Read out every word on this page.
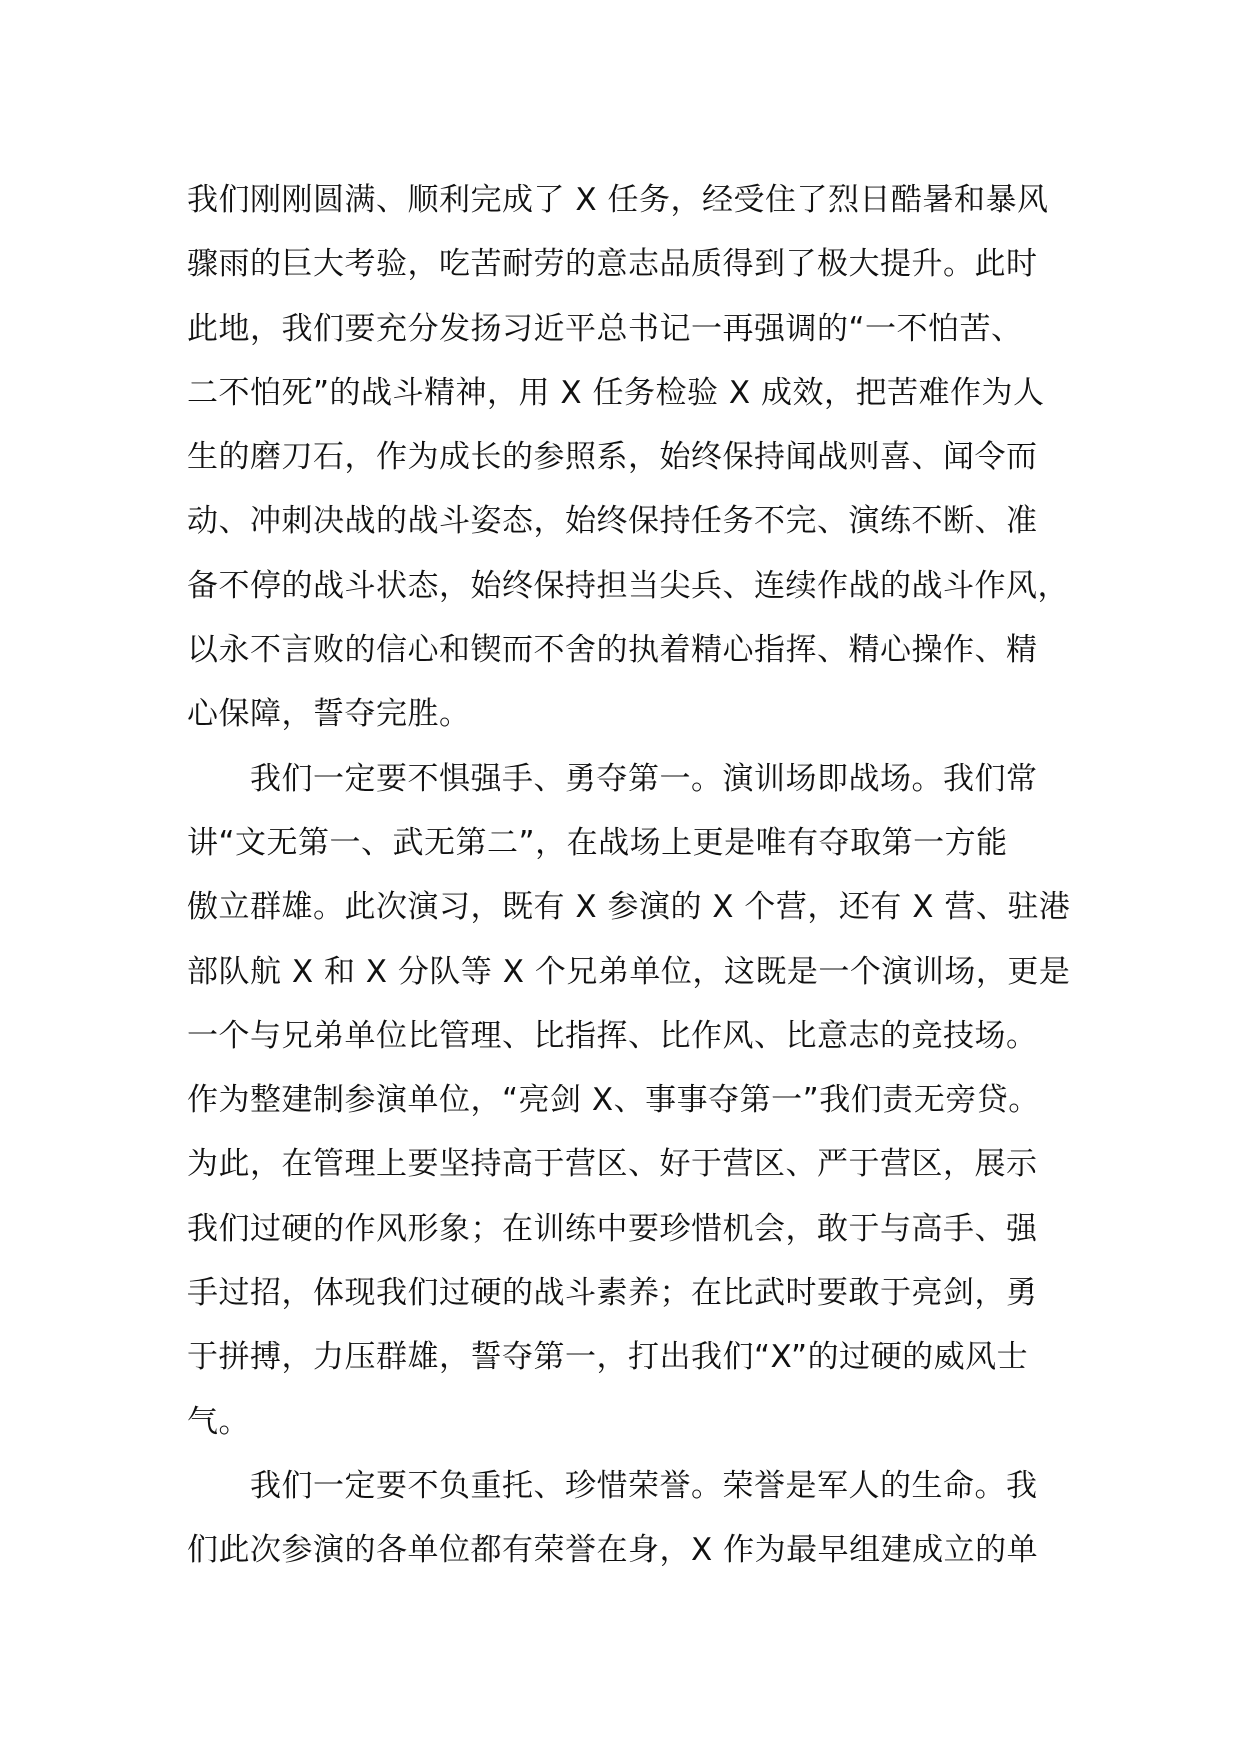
我们刚刚圆满、顺利完成了 X 任务，经受住了烈日酷暑和暴风
骤雨的巨大考验，吃苦耐劳的意志品质得到了极大提升。此时
此地，我们要充分发扬习近平总书记一再强调的“一不怕苦、
二不怕死”的战斗精神，用 X 任务检验 X 成效，把苦难作为人
生的磨刀石，作为成长的参照系，始终保持闻战则喜、闻令而
动、冲刺决战的战斗姿态，始终保持任务不完、演练不断、准
备不停的战斗状态，始终保持担当尖兵、连续作战的战斗作风，
以永不言败的信心和锲而不舍的执着精心指挥、精心操作、精
心保障，誓夺完胜。
　　我们一定要不惧强手、勇夺第一。演训场即战场。我们常
讲“文无第一、武无第二”，在战场上更是唯有夺取第一方能
傲立群雄。此次演习，既有 X 参演的 X 个营，还有 X 营、驻港
部队航 X 和 X 分队等 X 个兄弟单位，这既是一个演训场，更是
一个与兄弟单位比管理、比指挥、比作风、比意志的竞技场。
作为整建制参演单位，“亮剑 X、事事夺第一”我们责无旁贷。
为此，在管理上要坚持高于营区、好于营区、严于营区，展示
我们过硬的作风形象；在训练中要珍惜机会，敢于与高手、强
手过招，体现我们过硬的战斗素养；在比武时要敢于亮剑，勇
于拼搏，力压群雄，誓夺第一，打出我们“X”的过硬的威风士
气。
　　我们一定要不负重托、珍惜荣誉。荣誉是军人的生命。我
们此次参演的各单位都有荣誉在身，X 作为最早组建成立的单
